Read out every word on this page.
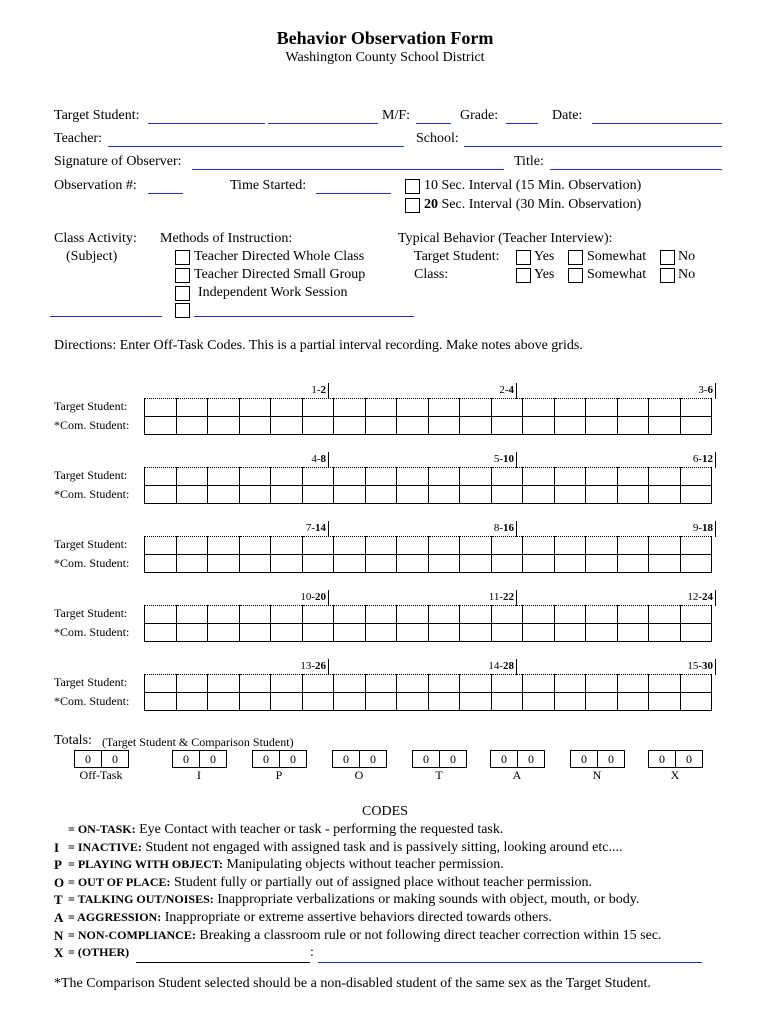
Behavior Observation Form
Washington County School District
Target Student:	M/F:	Grade:	Date:
Teacher:	School:
Signature of Observer:	Title:
Observation #:	Time Started:	10 Sec. Interval (15 Min. Observation)
20 Sec. Interval (30 Min. Observation)
Class Activity:
(Subject)
Methods of Instruction:
Teacher Directed Whole Class
Teacher Directed Small Group
Independent Work Session
Typical Behavior (Teacher Interview):
Target Student: Yes Somewhat No
Class:	Yes Somewhat No
Directions: Enter Off-Task Codes. This is a partial interval recording. Make notes above grids.
1-2	2-4	3-6
Target Student:
*Com. Student:

4-8	5-10	6-12
Target Student:
*Com. Student:

7-14	8-16	9-18
Target Student:
*Com. Student:

10-20	11-22	12-24
Target Student:
*Com. Student:

13-26	14-28	15-30
Target Student:
*Com. Student:

Totals: (Target Student & Comparison Student)
0	0
Off-Task
0	0
I
0	0
P
0	0
O
0	0
T
0	0
A
0	0
N
0	0
X
CODES
= ON-TASK: Eye Contact with teacher or task - performing the requested task.
I = INACTIVE: Student not engaged with assigned task and is passively sitting, looking around etc....
P = PLAYING WITH OBJECT: Manipulating objects without teacher permission.
O = OUT OF PLACE: Student fully or partially out of assigned place without teacher permission.
T = TALKING OUT/NOISES: Inappropriate verbalizations or making sounds with object, mouth, or body.
A = AGGRESSION: Inappropriate or extreme assertive behaviors directed towards others.
N = NON-COMPLIANCE: Breaking a classroom rule or not following direct teacher correction within 15 sec.
X = (OTHER)	:
*The Comparison Student selected should be a non-disabled student of the same sex as the Target Student.
